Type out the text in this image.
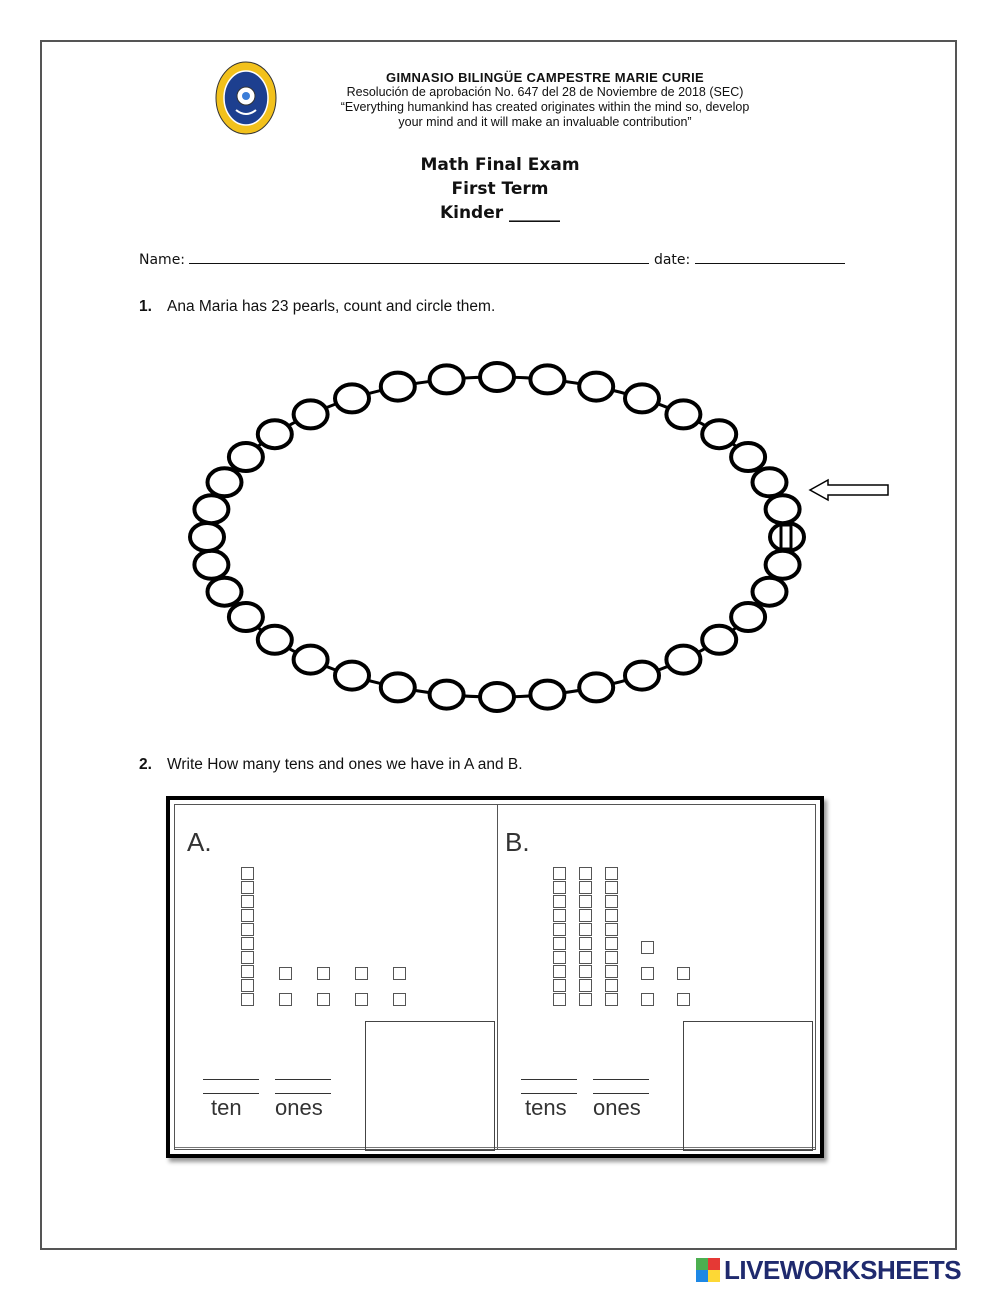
GIMNASIO BILINGÜE CAMPESTRE MARIE CURIE
Resolución de aprobación No. 647 del 28 de Noviembre de 2018 (SEC)
“Everything humankind has created originates within the mind so, develop
your mind and it will make an invaluable contribution”
Math Final Exam
First Term
Kinder ______
Name:	date:
1. Ana Maria has 23 pearls, count and circle them.
2. Write How many tens and ones we have in A and B.
A.
ten ones
B.
tens ones
LIVEWORKSHEETS
